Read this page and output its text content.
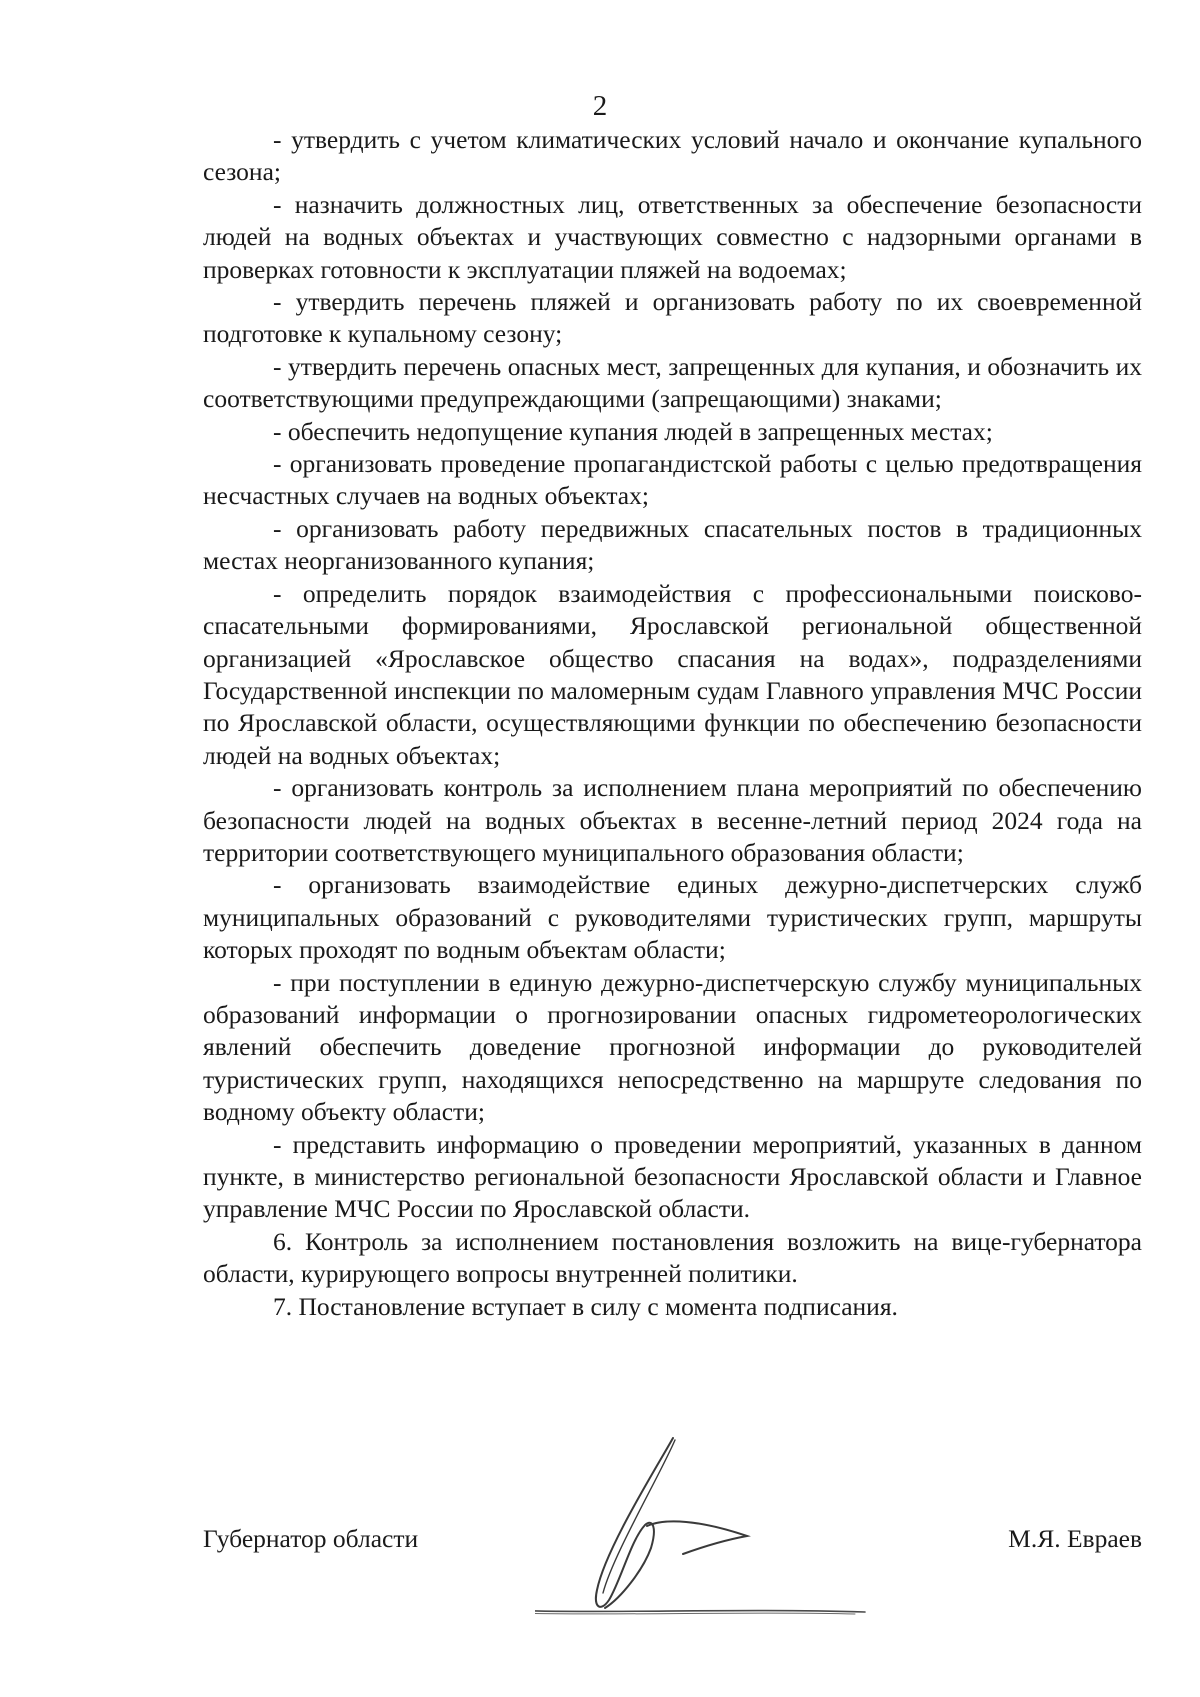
2

- утвердить с учетом климатических условий начало и окончание купального сезона;

- назначить должностных лиц, ответственных за обеспечение безопасности людей на водных объектах и участвующих совместно с надзорными органами в проверках готовности к эксплуатации пляжей на водоемах;

- утвердить перечень пляжей и организовать работу по их своевременной подготовке к купальному сезону;

- утвердить перечень опасных мест, запрещенных для купания, и обозначить их соответствующими предупреждающими (запрещающими) знаками;

- обеспечить недопущение купания людей в запрещенных местах;

- организовать проведение пропагандистской работы с целью предотвращения несчастных случаев на водных объектах;

- организовать работу передвижных спасательных постов в традиционных местах неорганизованного купания;

- определить порядок взаимодействия с профессиональными поисково-спасательными формированиями, Ярославской региональной общественной организацией «Ярославское общество спасания на водах», подразделениями Государственной инспекции по маломерным судам Главного управления МЧС России по Ярославской области, осуществляющими функции по обеспечению безопасности людей на водных объектах;

- организовать контроль за исполнением плана мероприятий по обеспечению безопасности людей на водных объектах в весенне-летний период 2024 года на территории соответствующего муниципального образования области;

- организовать взаимодействие единых дежурно-диспетчерских служб муниципальных образований с руководителями туристических групп, маршруты которых проходят по водным объектам области;

- при поступлении в единую дежурно-диспетчерскую службу муниципальных образований информации о прогнозировании опасных гидрометеорологических явлений обеспечить доведение прогнозной информации до руководителей туристических групп, находящихся непосредственно на маршруте следования по водному объекту области;

- представить информацию о проведении мероприятий, указанных в данном пункте, в министерство региональной безопасности Ярославской области и Главное управление МЧС России по Ярославской области.

6. Контроль за исполнением постановления возложить на вице-губернатора области, курирующего вопросы внутренней политики.

7. Постановление вступает в силу с момента подписания.

Губернатор области	М.Я. Евраев
